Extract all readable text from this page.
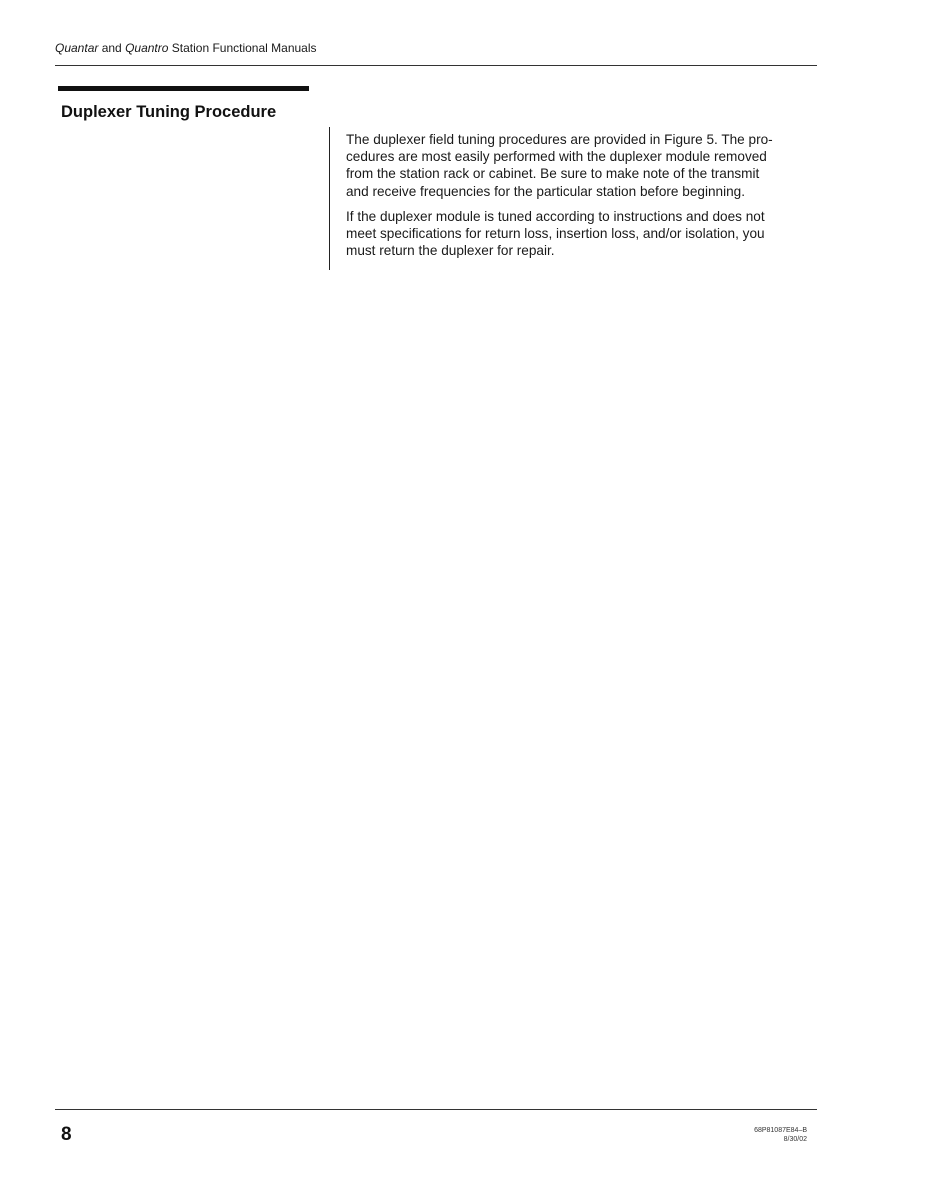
Quantar and Quantro Station Functional Manuals
Duplexer Tuning Procedure

The duplexer field tuning procedures are provided in Figure 5. The pro-
cedures are most easily performed with the duplexer module removed
from the station rack or cabinet. Be sure to make note of the transmit
and receive frequencies for the particular station before beginning.

If the duplexer module is tuned according to instructions and does not
meet specifications for return loss, insertion loss, and/or isolation, you
must return the duplexer for repair.

8	68P81087E84–B
8/30/02
